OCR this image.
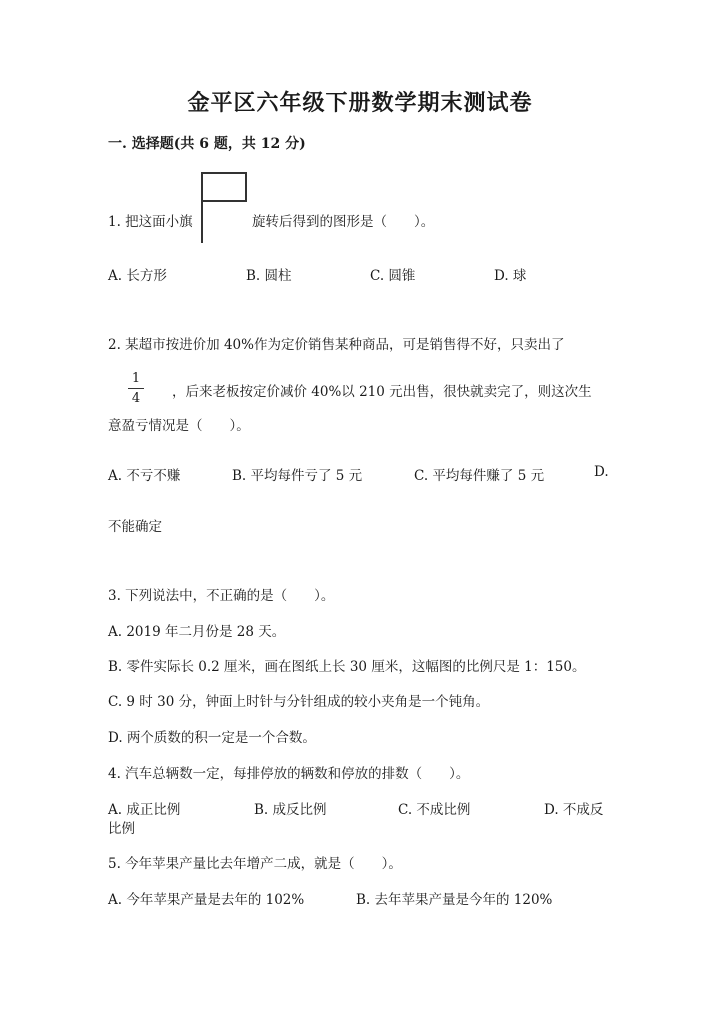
金平区六年级下册数学期末测试卷
一. 选择题(共 6 题，共 12 分)
1. 把这面小旗	旋转后得到的图形是（　　）。
A. 长方形	B. 圆柱	C. 圆锥	D. 球
2. 某超市按进价加 40%作为定价销售某种商品，可是销售得不好，只卖出了
1
4 ，后来老板按定价减价 40%以 210 元出售，很快就卖完了，则这次生
意盈亏情况是（　　）。
A. 不亏不赚	B. 平均每件亏了 5 元	C. 平均每件赚了 5 元	D.
不能确定
3. 下列说法中，不正确的是（　　）。
A. 2019 年二月份是 28 天。
B. 零件实际长 0.2 厘米，画在图纸上长 30 厘米，这幅图的比例尺是 1：150。
C. 9 时 30 分，钟面上时针与分针组成的较小夹角是一个钝角。
D. 两个质数的积一定是一个合数。
4. 汽车总辆数一定，每排停放的辆数和停放的排数（　　）。
A. 成正比例	B. 成反比例	C. 不成比例	D. 不成反
比例
5. 今年苹果产量比去年增产二成，就是（　　）。
A. 今年苹果产量是去年的 102%	B. 去年苹果产量是今年的 120%
